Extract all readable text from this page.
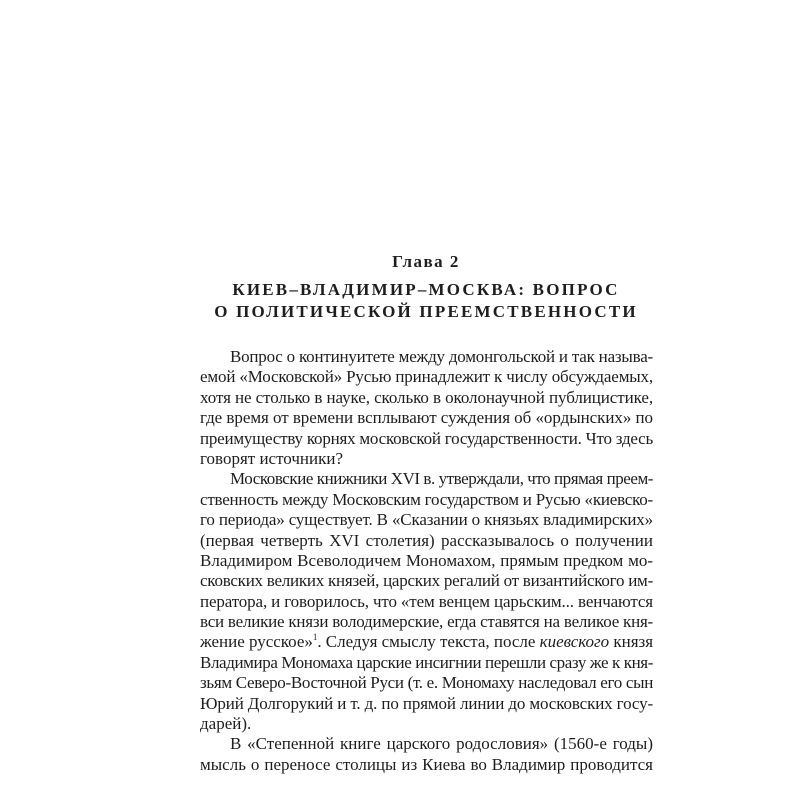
Глава 2
КИЕВ–ВЛАДИМИР–МОСКВА: ВОПРОС
О ПОЛИТИЧЕСКОЙ ПРЕЕМСТВЕННОСТИ
Вопрос о континуитете между домонгольской и так называ-
емой «Московской» Русью принадлежит к числу обсуждаемых,
хотя не столько в науке, сколько в околонаучной публицистике,
где время от времени всплывают суждения об «ордынских» по
преимуществу корнях московской государственности. Что здесь
говорят источники?
Московские книжники XVI в. утверждали, что прямая преем-
ственность между Московским государством и Русью «киевско-
го периода» существует. В «Сказании о князьях владимирских»
(первая четверть XVI столетия) рассказывалось о получении
Владимиром Всеволодичем Мономахом, прямым предком мо-
сковских великих князей, царских регалий от византийского им-
ператора, и говорилось, что «тем венцем царьским... венчаются
вси великие князи володимерские, егда ставятся на великое кня-
жение русское»$^1$. Следуя смыслу текста, после киевского князя
Владимира Мономаха царские инсигнии перешли сразу же к кня-
зьям Северо-Восточной Руси (т. е. Мономаху наследовал его сын
Юрий Долгорукий и т. д. по прямой линии до московских госу-
дарей).
В «Степенной книге царского родословия» (1560-е годы)
мысль о переносе столицы из Киева во Владимир проводится
